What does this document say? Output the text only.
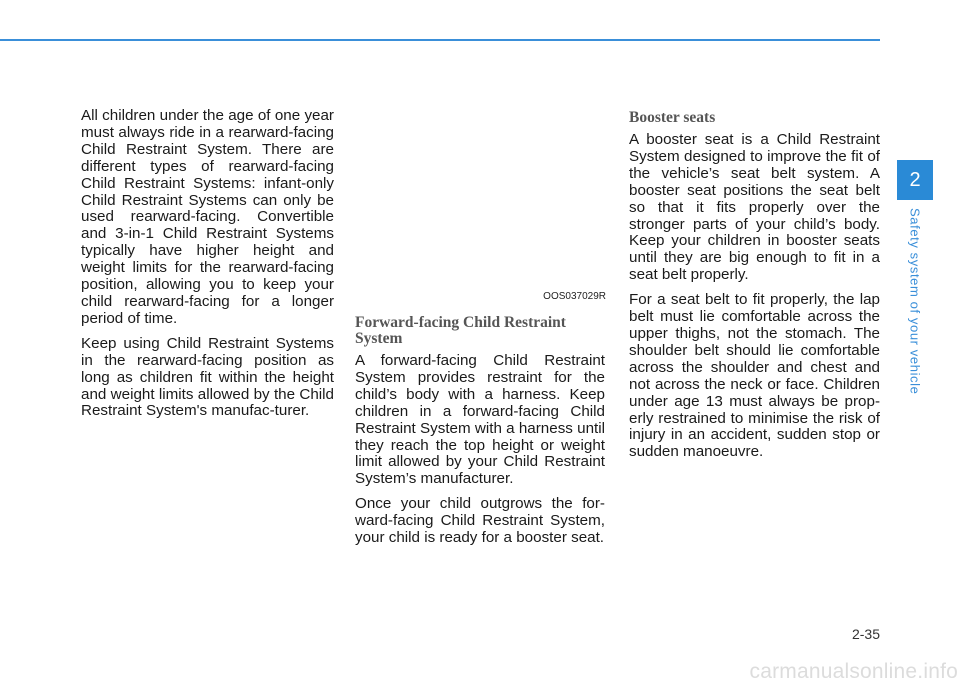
All children under the age of one year must always ride in a rearward-facing Child Restraint System. There are different types of rearward-facing Child Restraint Systems: infant-only Child Restraint Systems can only be used rearward-facing. Convertible and 3-in-1 Child Restraint Systems typically have higher height and weight limits for the rearward-facing position, allowing you to keep your child rearward-facing for a longer period of time.

Keep using Child Restraint Systems in the rearward-facing position as long as children fit within the height and weight limits allowed by the Child Restraint System's manufac-turer.

OOS037029R
Forward-facing Child Restraint System

A forward-facing Child Restraint System provides restraint for the child’s body with a harness. Keep children in a forward-facing Child Restraint System with a harness until they reach the top height or weight limit allowed by your Child Restraint System’s manufacturer.

Once your child outgrows the for-ward-facing Child Restraint System, your child is ready for a booster seat.

Booster seats

A booster seat is a Child Restraint System designed to improve the fit of the vehicle’s seat belt system. A booster seat positions the seat belt so that it fits properly over the stronger parts of your child’s body. Keep your children in booster seats until they are big enough to fit in a seat belt properly.

For a seat belt to fit properly, the lap belt must lie comfortable across the upper thighs, not the stomach. The shoulder belt should lie comfortable across the shoulder and chest and not across the neck or face. Children under age 13 must always be prop-erly restrained to minimise the risk of injury in an accident, sudden stop or sudden manoeuvre.

2
Safety system of your vehicle
2-35
carmanualsonline.info
